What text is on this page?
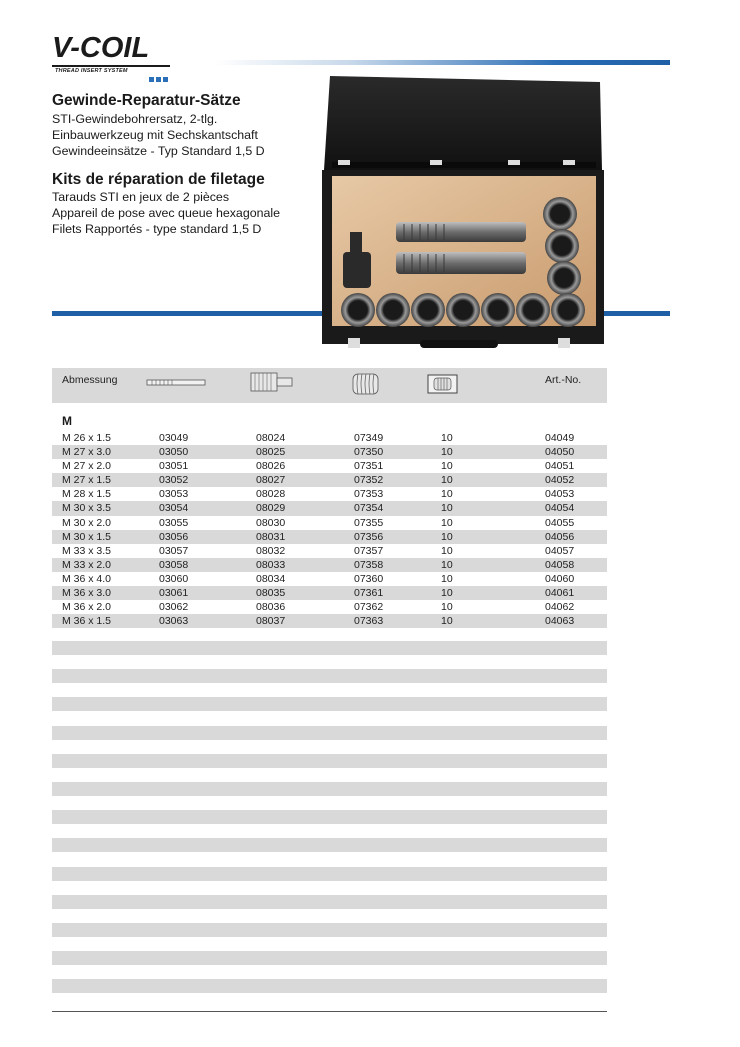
V-COIL
THREAD INSERT SYSTEM
Gewinde-Reparatur-Sätze
STI-Gewindebohrersatz, 2-tlg.
Einbauwerkzeug mit Sechskantschaft
Gewindeeinsätze - Typ Standard 1,5 D
Kits de réparation de filetage
Tarauds STI en jeux de 2 pièces
Appareil de pose avec queue hexagonale
Filets Rapportés - type standard 1,5 D
Abmessung	Art.-No.
M
M 26 x 1.5	03049	08024	07349	10	04049
M 27 x 3.0	03050	08025	07350	10	04050
M 27 x 2.0	03051	08026	07351	10	04051
M 27 x 1.5	03052	08027	07352	10	04052
M 28 x 1.5	03053	08028	07353	10	04053
M 30 x 3.5	03054	08029	07354	10	04054
M 30 x 2.0	03055	08030	07355	10	04055
M 30 x 1.5	03056	08031	07356	10	04056
M 33 x 3.5	03057	08032	07357	10	04057
M 33 x 2.0	03058	08033	07358	10	04058
M 36 x 4.0	03060	08034	07360	10	04060
M 36 x 3.0	03061	08035	07361	10	04061
M 36 x 2.0	03062	08036	07362	10	04062
M 36 x 1.5	03063	08037	07363	10	04063
